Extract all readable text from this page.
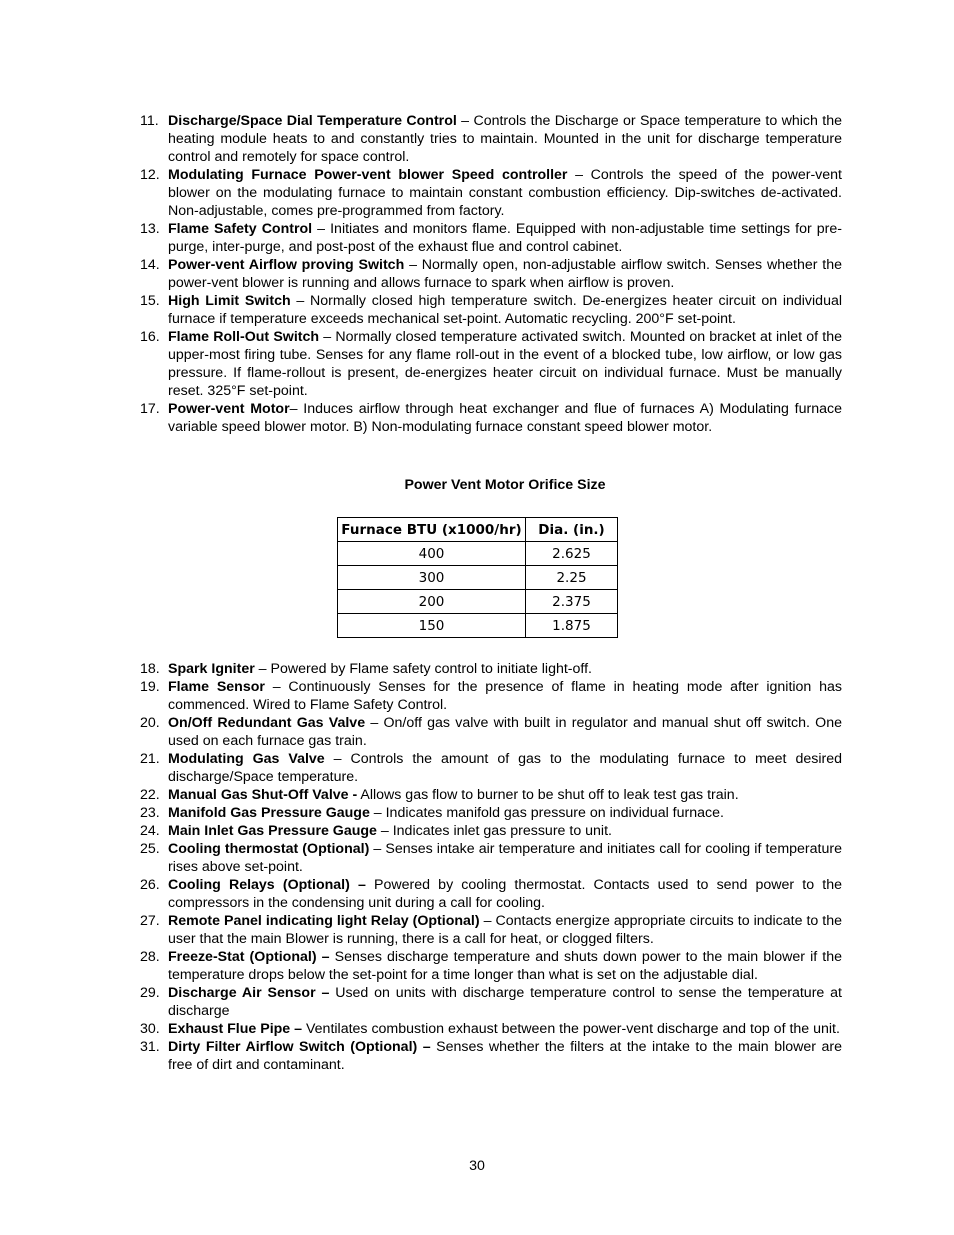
11. Discharge/Space Dial Temperature Control – Controls the Discharge or Space temperature to which the heating module heats to and constantly tries to maintain. Mounted in the unit for discharge temperature control and remotely for space control.
12. Modulating Furnace Power-vent blower Speed controller – Controls the speed of the power-vent blower on the modulating furnace to maintain constant combustion efficiency. Dip-switches de-activated. Non-adjustable, comes pre-programmed from factory.
13. Flame Safety Control – Initiates and monitors flame. Equipped with non-adjustable time settings for pre-purge, inter-purge, and post-post of the exhaust flue and control cabinet.
14. Power-vent Airflow proving Switch – Normally open, non-adjustable airflow switch. Senses whether the power-vent blower is running and allows furnace to spark when airflow is proven.
15. High Limit Switch – Normally closed high temperature switch. De-energizes heater circuit on individual furnace if temperature exceeds mechanical set-point. Automatic recycling. 200°F set-point.
16. Flame Roll-Out Switch – Normally closed temperature activated switch. Mounted on bracket at inlet of the upper-most firing tube. Senses for any flame roll-out in the event of a blocked tube, low airflow, or low gas pressure. If flame-rollout is present, de-energizes heater circuit on individual furnace. Must be manually reset. 325°F set-point.
17. Power-vent Motor– Induces airflow through heat exchanger and flue of furnaces A) Modulating furnace variable speed blower motor. B) Non-modulating furnace constant speed blower motor.
Power Vent Motor Orifice Size
Furnace BTU (x1000/hr)	Dia. (in.)
400	2.625
300	2.25
200	2.375
150	1.875
18. Spark Igniter – Powered by Flame safety control to initiate light-off.
19. Flame Sensor – Continuously Senses for the presence of flame in heating mode after ignition has commenced. Wired to Flame Safety Control.
20. On/Off Redundant Gas Valve – On/off gas valve with built in regulator and manual shut off switch. One used on each furnace gas train.
21. Modulating Gas Valve – Controls the amount of gas to the modulating furnace to meet desired discharge/Space temperature.
22. Manual Gas Shut-Off Valve - Allows gas flow to burner to be shut off to leak test gas train.
23. Manifold Gas Pressure Gauge – Indicates manifold gas pressure on individual furnace.
24. Main Inlet Gas Pressure Gauge – Indicates inlet gas pressure to unit.
25. Cooling thermostat (Optional) – Senses intake air temperature and initiates call for cooling if temperature rises above set-point.
26. Cooling Relays (Optional) – Powered by cooling thermostat. Contacts used to send power to the compressors in the condensing unit during a call for cooling.
27. Remote Panel indicating light Relay (Optional) – Contacts energize appropriate circuits to indicate to the user that the main Blower is running, there is a call for heat, or clogged filters.
28. Freeze-Stat (Optional) – Senses discharge temperature and shuts down power to the main blower if the temperature drops below the set-point for a time longer than what is set on the adjustable dial.
29. Discharge Air Sensor – Used on units with discharge temperature control to sense the temperature at discharge
30. Exhaust Flue Pipe – Ventilates combustion exhaust between the power-vent discharge and top of the unit.
31. Dirty Filter Airflow Switch (Optional) – Senses whether the filters at the intake to the main blower are free of dirt and contaminant.
30
